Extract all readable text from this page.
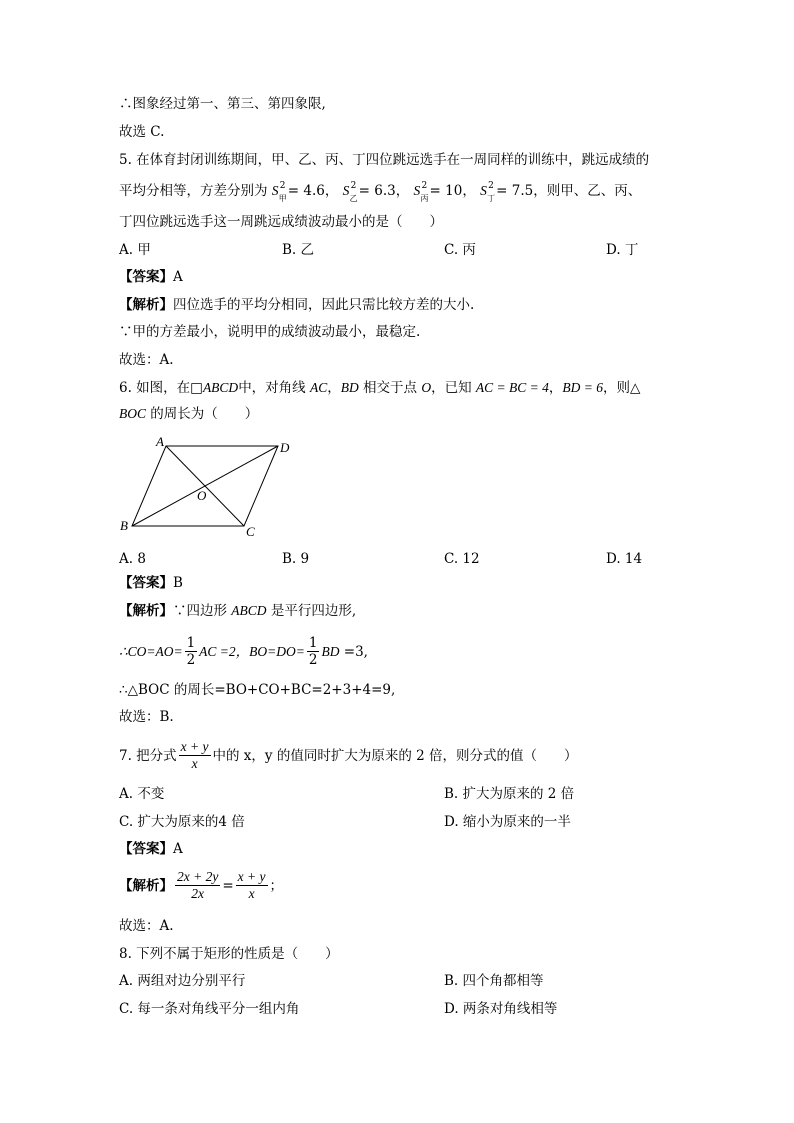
∴图象经过第一、第三、第四象限,
故选 C.
5. 在体育封闭训练期间，甲、乙、丙、丁四位跳远选手在一周同样的训练中，跳远成绩的
平均分相等，方差分别为 S 2
甲 = 4.6， S 2
乙 = 6.3， S 2
丙 = 10， S 2
丁 = 7.5，则甲、乙、丙、
丁四位跳远选手这一周跳远成绩波动最小的是（　　）
A. 甲	B. 乙	C. 丙	D. 丁
【答案】A
【解析】四位选手的平均分相同，因此只需比较方差的大小.
∵甲的方差最小，说明甲的成绩波动最小，最稳定.
故选：A.
6. 如图，在□ABCD中，对角线 AC，BD 相交于点 O，已知 AC = BC = 4，BD = 6，则△
BOC 的周长为（　　）
A	D
B	C
O
A. 8	B. 9	C. 12	D. 14
【答案】B
【解析】∵四边形 ABCD 是平行四边形,
∴CO=AO= $\frac{1}{2}$ AC =2，$BO=DO= \frac{1}{2}$ BD =3,
∴△BOC 的周长=BO+CO+BC=2+3+4=9,
故选：B.
7. 把分式 $\frac{x + y}{x}$ 中的 x，y 的值同时扩大为原来的 2 倍，则分式的值（　　）
A. 不变	B. 扩大为原来的 2 倍
C. 扩大为原来的4 倍	D. 缩小为原来的一半
【答案】A
【解析】 $\frac{2x + 2y}{2x} = \frac{x + y}{x}$ ；
故选：A.
8. 下列不属于矩形的性质是（　　）
A. 两组对边分别平行	B. 四个角都相等
C. 每一条对角线平分一组内角	D. 两条对角线相等
